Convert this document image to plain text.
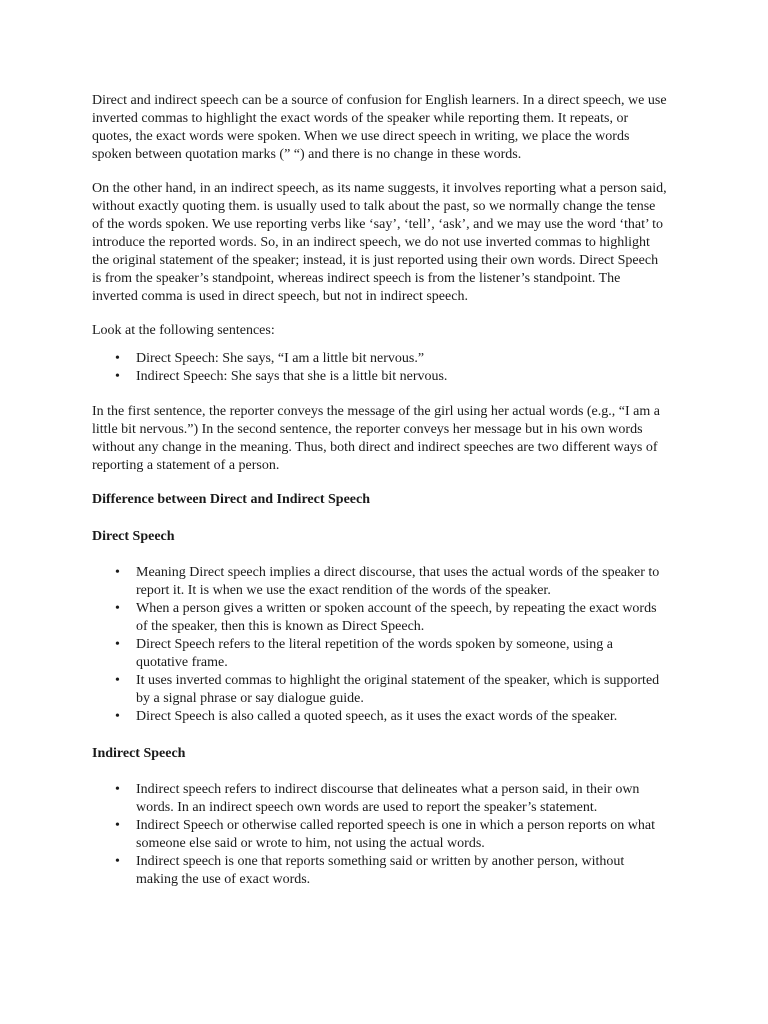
Direct and indirect speech can be a source of confusion for English learners. In a direct speech, we use inverted commas to highlight the exact words of the speaker while reporting them. It repeats, or quotes, the exact words were spoken. When we use direct speech in writing, we place the words spoken between quotation marks (” “) and there is no change in these words.

On the other hand, in an indirect speech, as its name suggests, it involves reporting what a person said, without exactly quoting them. is usually used to talk about the past, so we normally change the tense of the words spoken. We use reporting verbs like ‘say’, ‘tell’, ‘ask’, and we may use the word ‘that’ to introduce the reported words. So, in an indirect speech, we do not use inverted commas to highlight the original statement of the speaker; instead, it is just reported using their own words. Direct Speech is from the speaker’s standpoint, whereas indirect speech is from the listener’s standpoint. The inverted comma is used in direct speech, but not in indirect speech.

Look at the following sentences:

• Direct Speech: She says, “I am a little bit nervous.”
• Indirect Speech: She says that she is a little bit nervous.

In the first sentence, the reporter conveys the message of the girl using her actual words (e.g., “I am a little bit nervous.”) In the second sentence, the reporter conveys her message but in his own words without any change in the meaning. Thus, both direct and indirect speeches are two different ways of reporting a statement of a person.

Difference between Direct and Indirect Speech

Direct Speech

• Meaning Direct speech implies a direct discourse, that uses the actual words of the speaker to report it. It is when we use the exact rendition of the words of the speaker.
• When a person gives a written or spoken account of the speech, by repeating the exact words of the speaker, then this is known as Direct Speech.
• Direct Speech refers to the literal repetition of the words spoken by someone, using a quotative frame.
• It uses inverted commas to highlight the original statement of the speaker, which is supported by a signal phrase or say dialogue guide.
• Direct Speech is also called a quoted speech, as it uses the exact words of the speaker.

Indirect Speech

• Indirect speech refers to indirect discourse that delineates what a person said, in their own words. In an indirect speech own words are used to report the speaker’s statement.
• Indirect Speech or otherwise called reported speech is one in which a person reports on what someone else said or wrote to him, not using the actual words.
• Indirect speech is one that reports something said or written by another person, without making the use of exact words.
